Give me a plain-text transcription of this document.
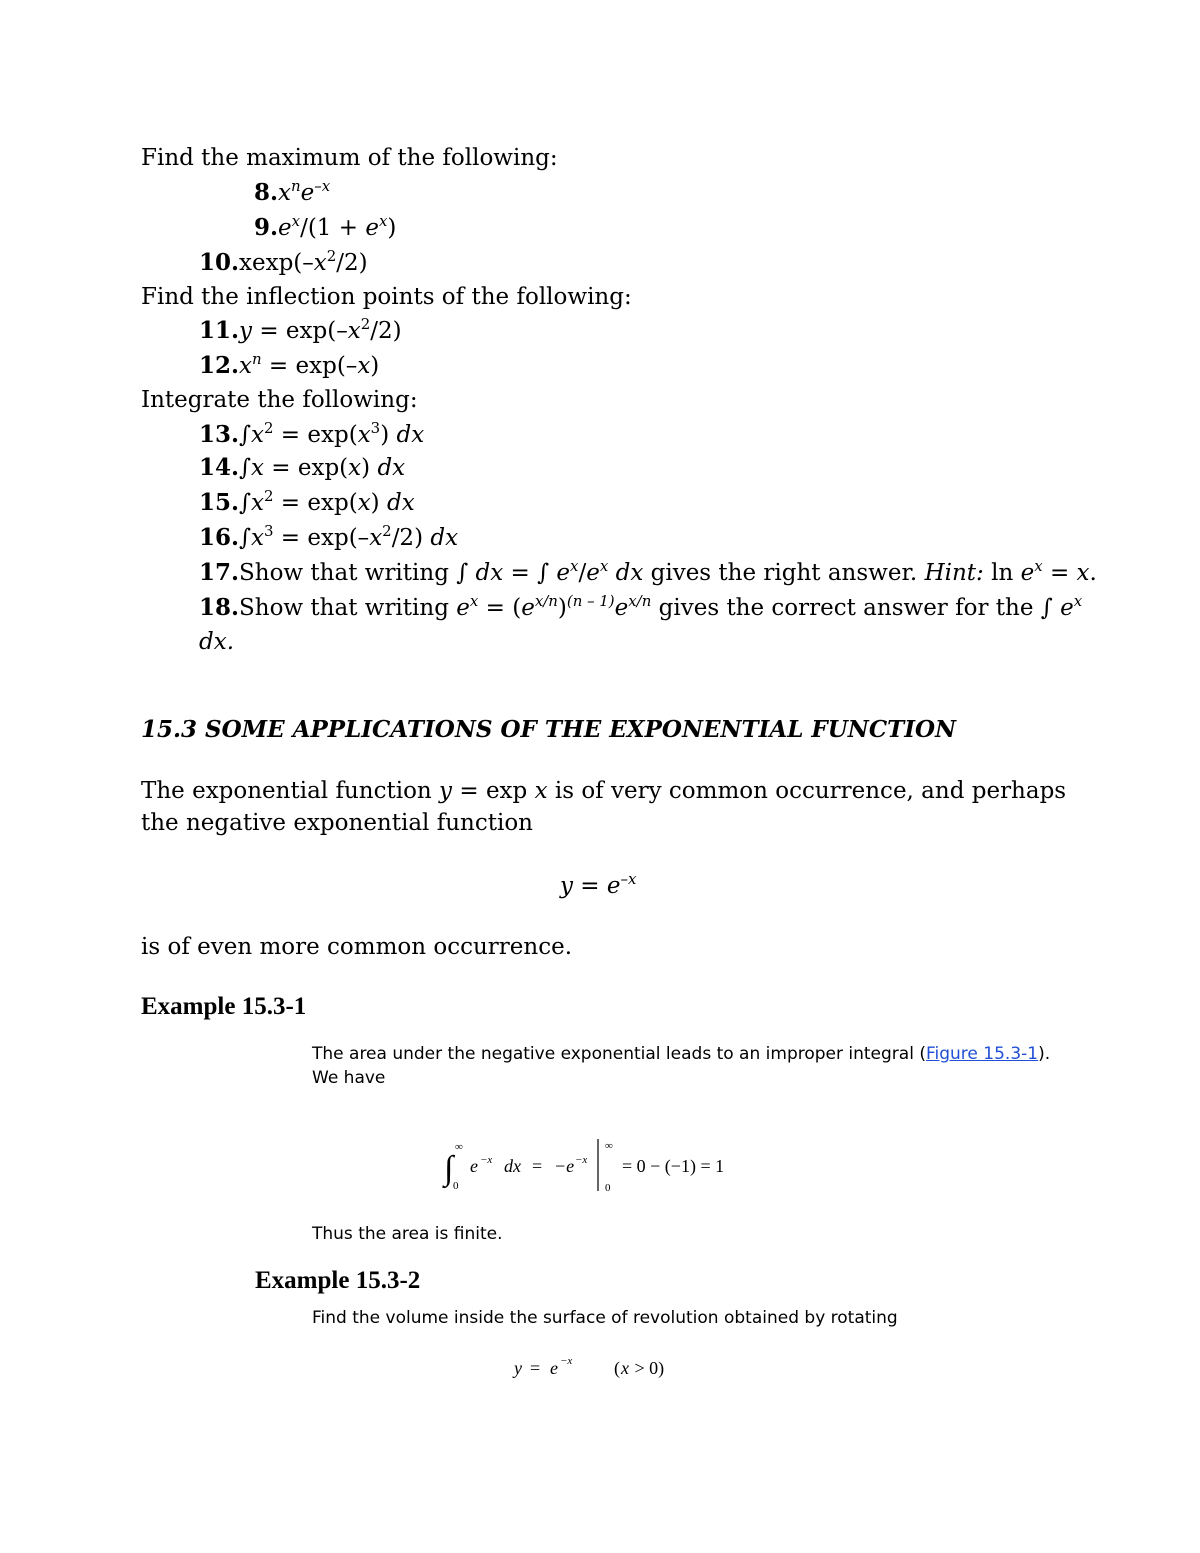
Find the maximum of the following:
$8.x^ne^{-x}$
$9.e^x/(1 + e^x)$
$10.xexp(-x^2/2)$
Find the inflection points of the following:
$11.y = \exp(-x^2/2)$
$12.x^n = \exp(-x)$
Integrate the following:
$13.\int x^2 = \exp(x^3)$ dx
14.∫x = exp(x) dx
$15.\int x^2 = \exp(x)$ dx
$16.\int x^3 = \exp(-x^2/2)$ dx
17.Show that writing ∫ dx = ∫ $e^x/e^x$ dx gives the right answer. Hint: $\ln e^x = x$.
18.Show that writing $e^x = (e^{x/n})^{(n - 1)}e^{x/n}$ gives the correct answer for the ∫ $e^x$
dx.
15.3 SOME APPLICATIONS OF THE EXPONENTIAL FUNCTION
The exponential function y = exp x is of very common occurrence, and perhaps
the negative exponential function
$y = e^{-x}$
is of even more common occurrence.
Example 15.3-1
The area under the negative exponential leads to an improper integral (Figure 15.3-1).
We have
∫
∞
0
e −x dx = −e −x
∞
0
= 0 − (−1) = 1
Thus the area is finite.
Example 15.3-2
Find the volume inside the surface of revolution obtained by rotating
y = e −x ( x > 0)
